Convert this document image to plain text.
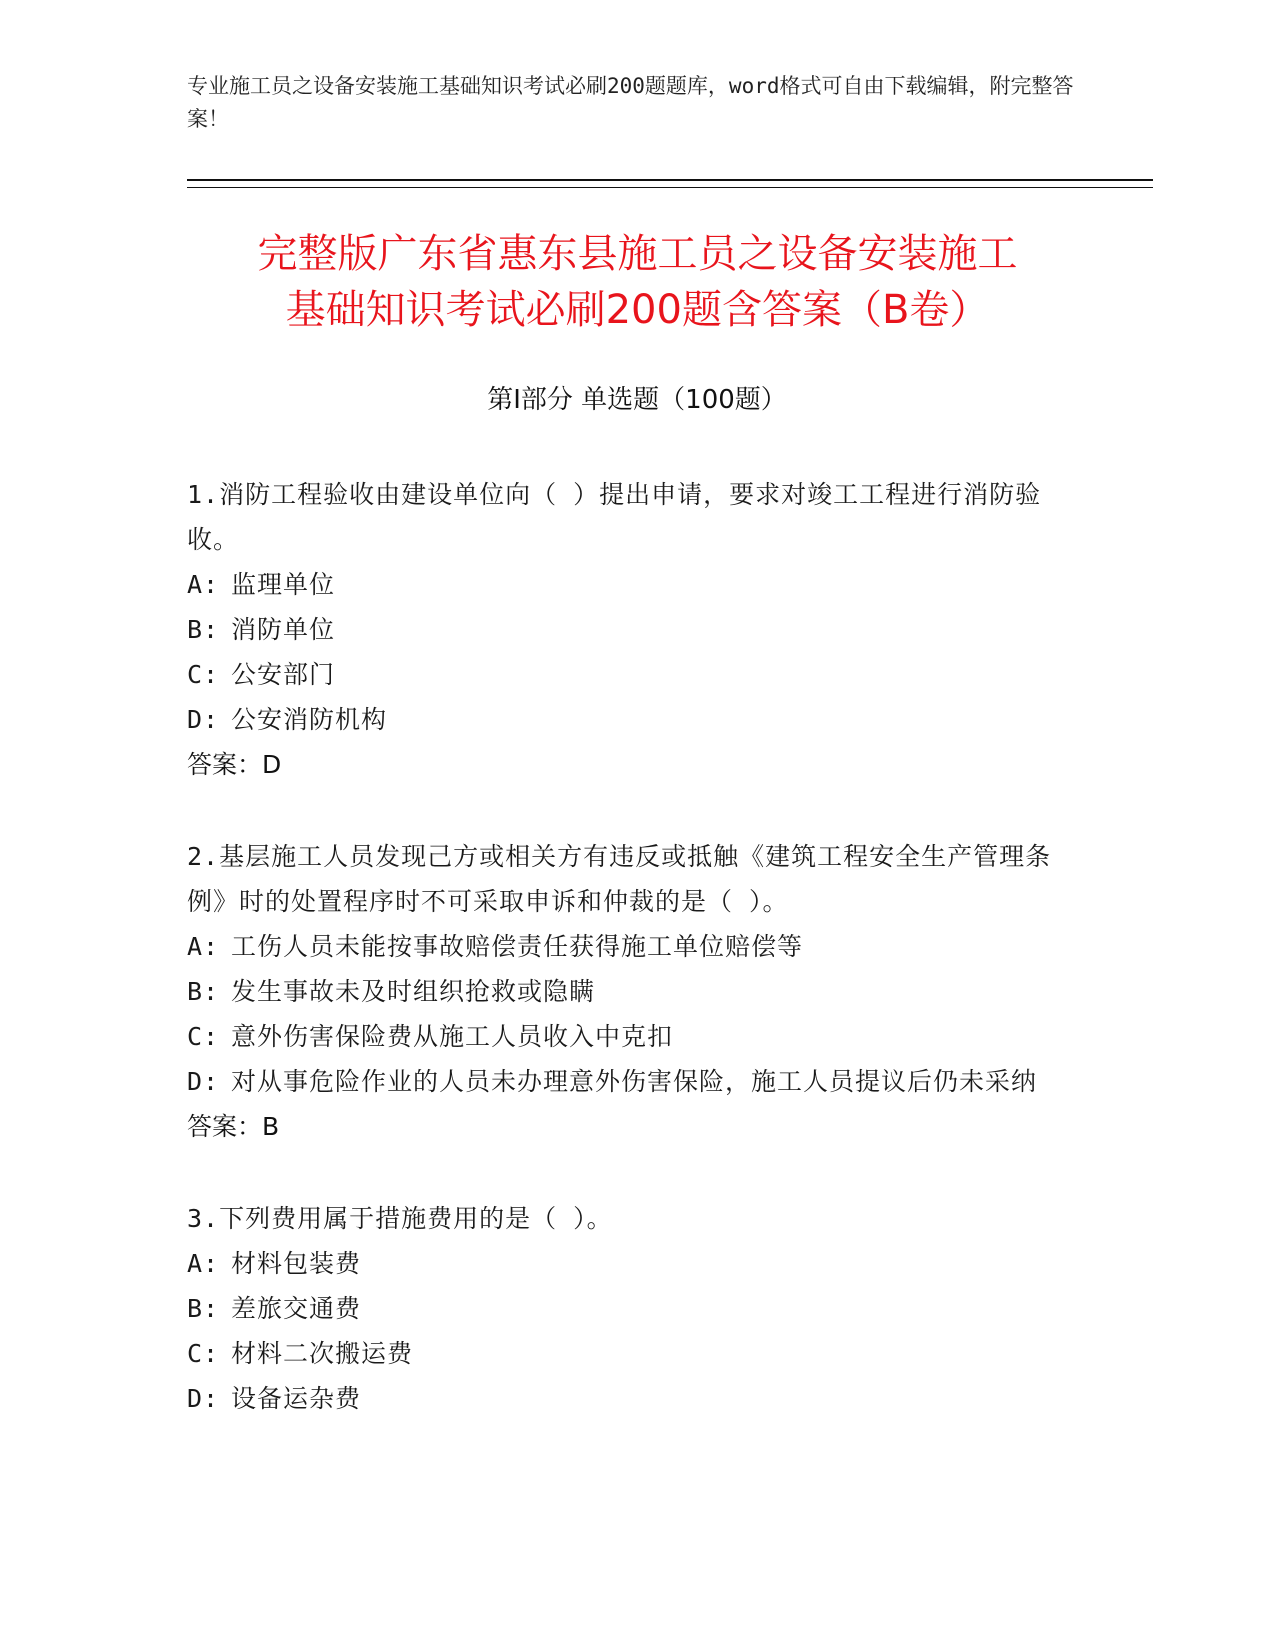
专业施工员之设备安装施工基础知识考试必刷200题题库，word格式可自由下载编辑，附完整答案！
完整版广东省惠东县施工员之设备安装施工
基础知识考试必刷200题含答案（B卷）
第Ⅰ部分 单选题（100题）

1.消防工程验收由建设单位向（ ）提出申请，要求对竣工工程进行消防验收。

A: 监理单位

B: 消防单位

C: 公安部门

D: 公安消防机构

答案：D

2.基层施工人员发现己方或相关方有违反或抵触《建筑工程安全生产管理条例》时的处置程序时不可采取申诉和仲裁的是（ ）。

A: 工伤人员未能按事故赔偿责任获得施工单位赔偿等

B: 发生事故未及时组织抢救或隐瞒

C: 意外伤害保险费从施工人员收入中克扣

D: 对从事危险作业的人员未办理意外伤害保险，施工人员提议后仍未采纳

答案：B

3.下列费用属于措施费用的是（ ）。

A: 材料包装费

B: 差旅交通费

C: 材料二次搬运费

D: 设备运杂费
